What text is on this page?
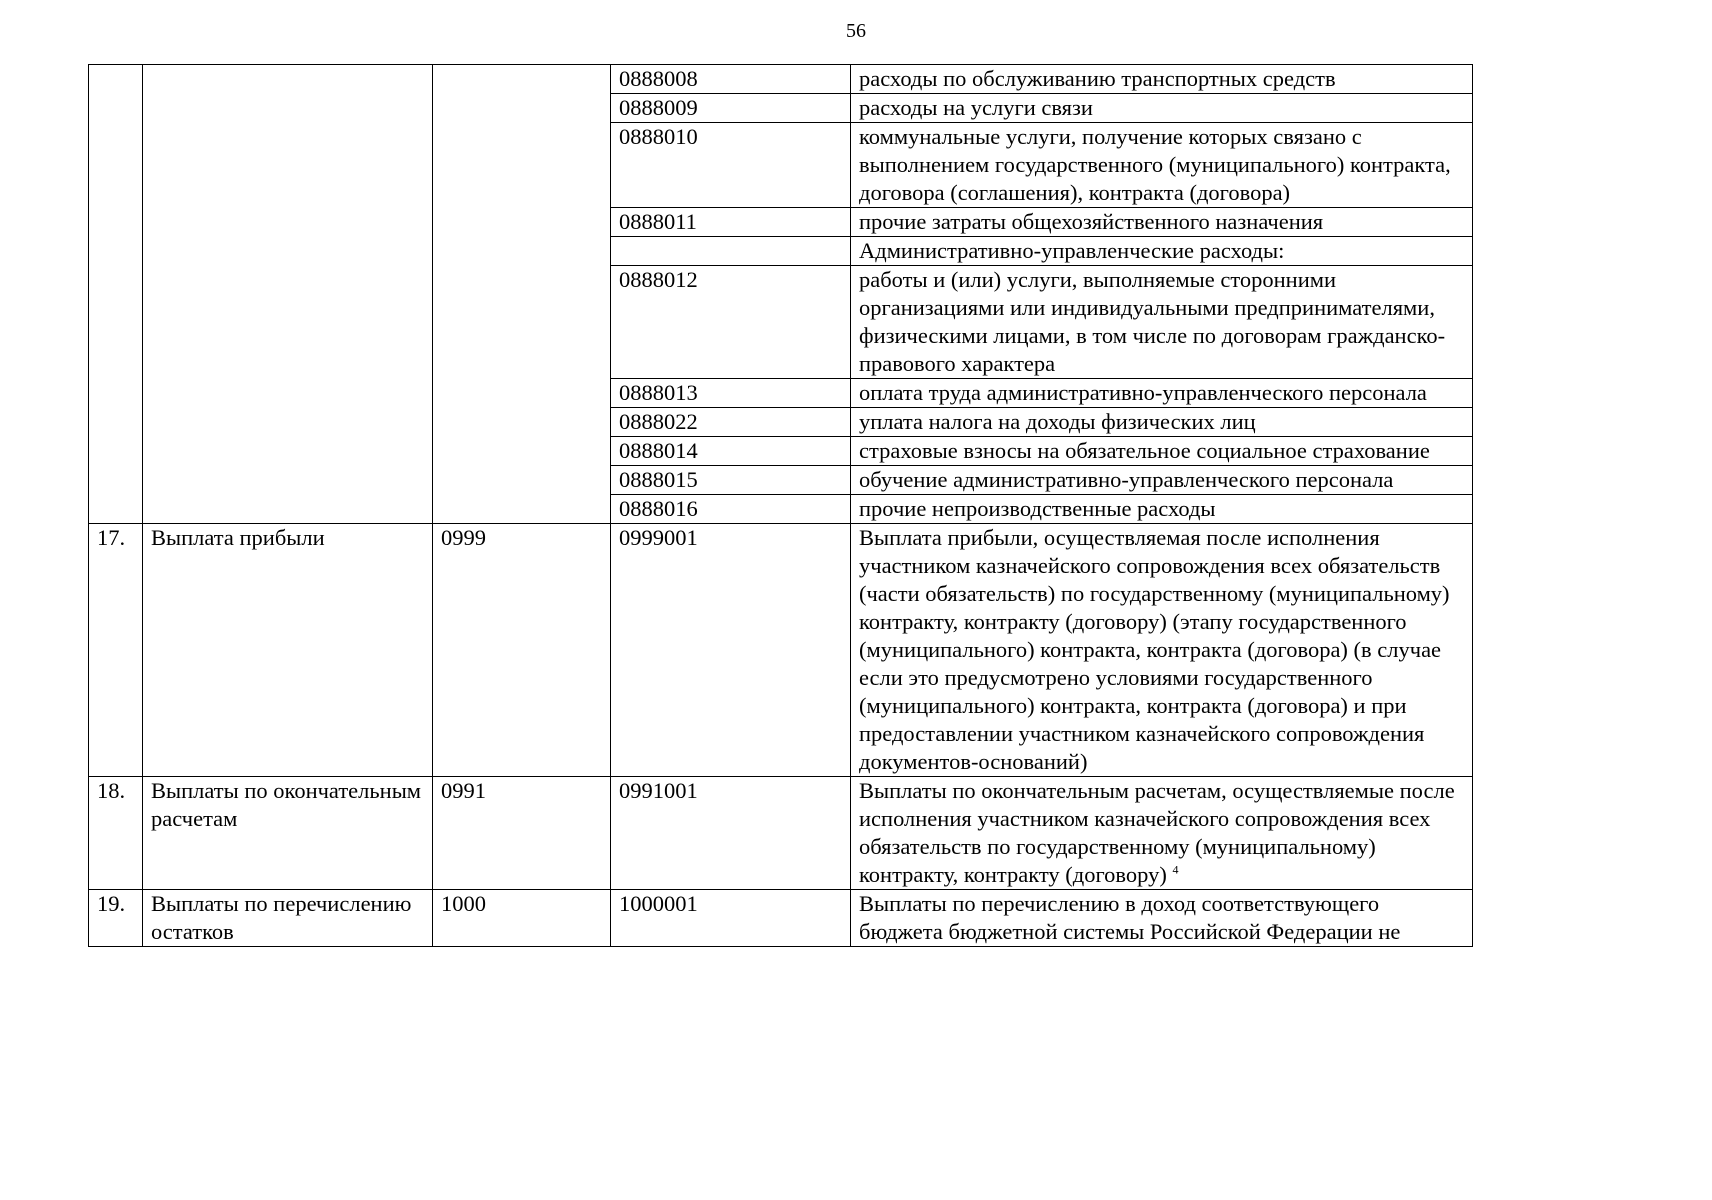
56
			0888008	расходы по обслуживанию транспортных средств
			0888009	расходы на услуги связи
			0888010	коммунальные услуги, получение которых связано с выполнением государственного (муниципального) контракта, договора (соглашения), контракта (договора)
			0888011	прочие затраты общехозяйственного назначения
				Административно-управленческие расходы:
			0888012	работы и (или) услуги, выполняемые сторонними организациями или индивидуальными предпринимателями, физическими лицами, в том числе по договорам гражданско-правового характера
			0888013	оплата труда административно-управленческого персонала
			0888022	уплата налога на доходы физических лиц
			0888014	страховые взносы на обязательное социальное страхование
			0888015	обучение административно-управленческого персонала
			0888016	прочие непроизводственные расходы
17.	Выплата прибыли	0999	0999001	Выплата прибыли, осуществляемая после исполнения участником казначейского сопровождения всех обязательств (части обязательств) по государственному (муниципальному) контракту, контракту (договору) (этапу государственного (муниципального) контракта, контракта (договора) (в случае если это предусмотрено условиями государственного (муниципального) контракта, контракта (договора) и при предоставлении участником казначейского сопровождения документов-оснований)
18.	Выплаты по окончательным расчетам	0991	0991001	Выплаты по окончательным расчетам, осуществляемые после исполнения участником казначейского сопровождения всех обязательств по государственному (муниципальному) контракту, контракту (договору) $^4$
19.	Выплаты по перечислению остатков	1000	1000001	Выплаты по перечислению в доход соответствующего бюджета бюджетной системы Российской Федерации не
